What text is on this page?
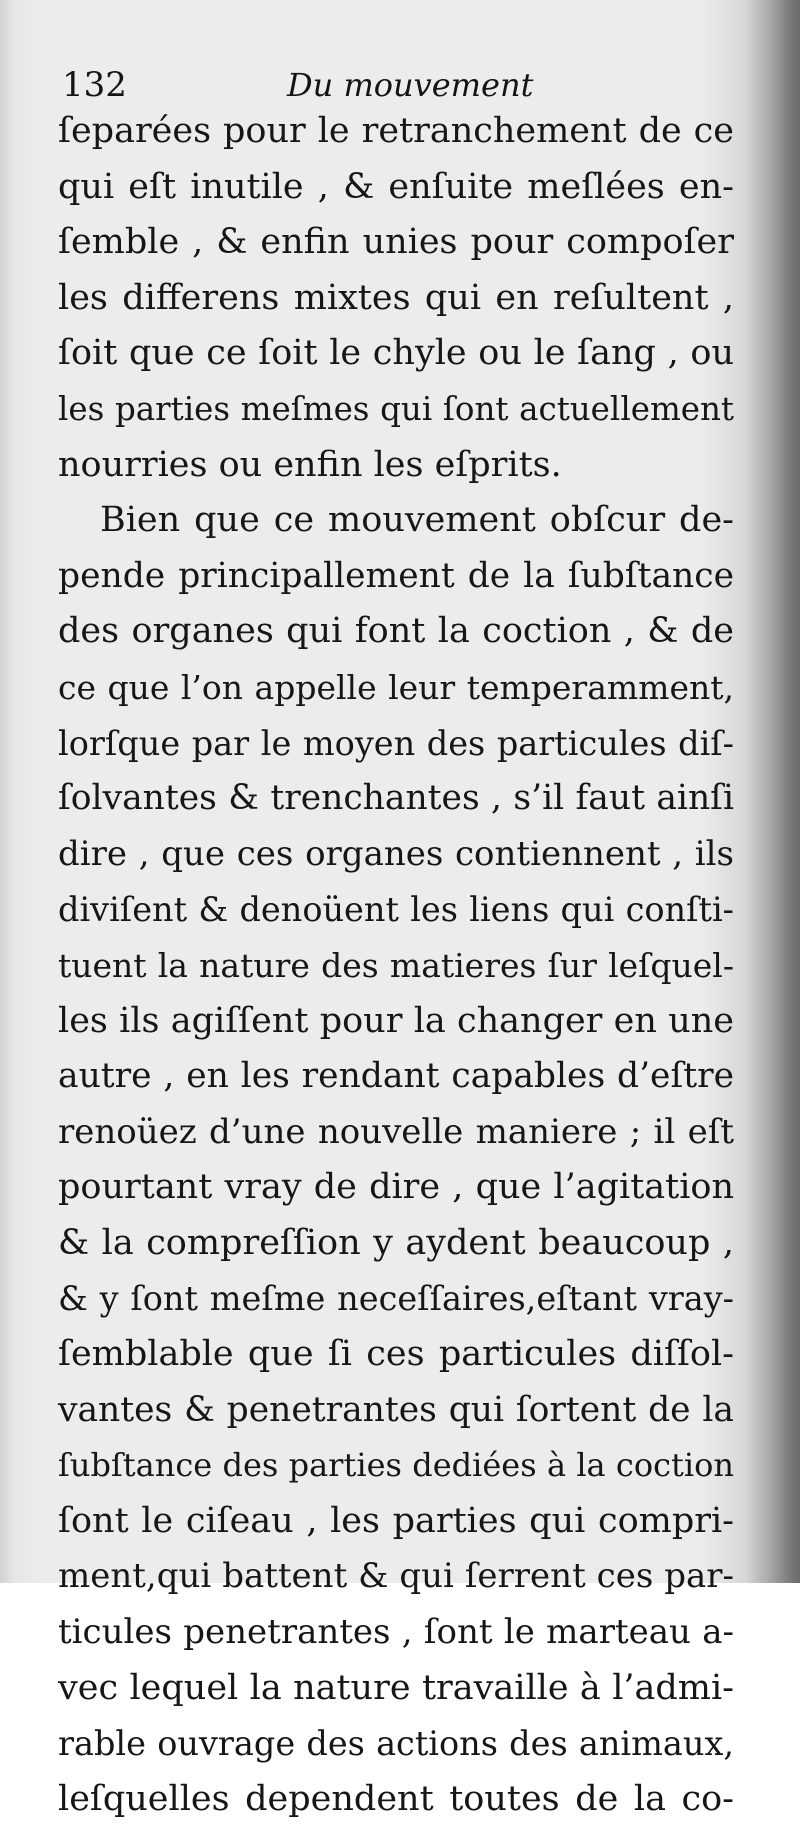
132	Du mouvement
ſeparées pour le retranchement de ce
qui eſt inutile , & enſuite meſlées en-
ſemble , & enfin unies pour compoſer
les differens mixtes qui en reſultent ,
ſoit que ce ſoit le chyle ou le ſang , ou
les parties meſmes qui ſont actuellement
nourries ou enfin les eſprits.
Bien que ce mouvement obſcur de-
pende principallement de la ſubſtance
des organes qui font la coction , & de
ce que l’on appelle leur temperamment,
lorſque par le moyen des particules diſ-
ſolvantes & trenchantes , s’il faut ainſi
dire , que ces organes contiennent , ils
diviſent & denoüent les liens qui conſti-
tuent la nature des matieres ſur leſquel-
les ils agiſſent pour la changer en une
autre , en les rendant capables d’eſtre
renoüez d’une nouvelle maniere ; il eſt
pourtant vray de dire , que l’agitation
& la compreſſion y aydent beaucoup ,
& y ſont meſme neceſſaires,eſtant vray-
ſemblable que ſi ces particules diſſol-
vantes & penetrantes qui ſortent de la
ſubſtance des parties dediées à la coction
ſont le ciſeau , les parties qui compri-
ment,qui battent & qui ſerrent ces par-
ticules penetrantes , ſont le marteau a-
vec lequel la nature travaille à l’admi-
rable ouvrage des actions des animaux,
leſquelles dependent toutes de la co-
